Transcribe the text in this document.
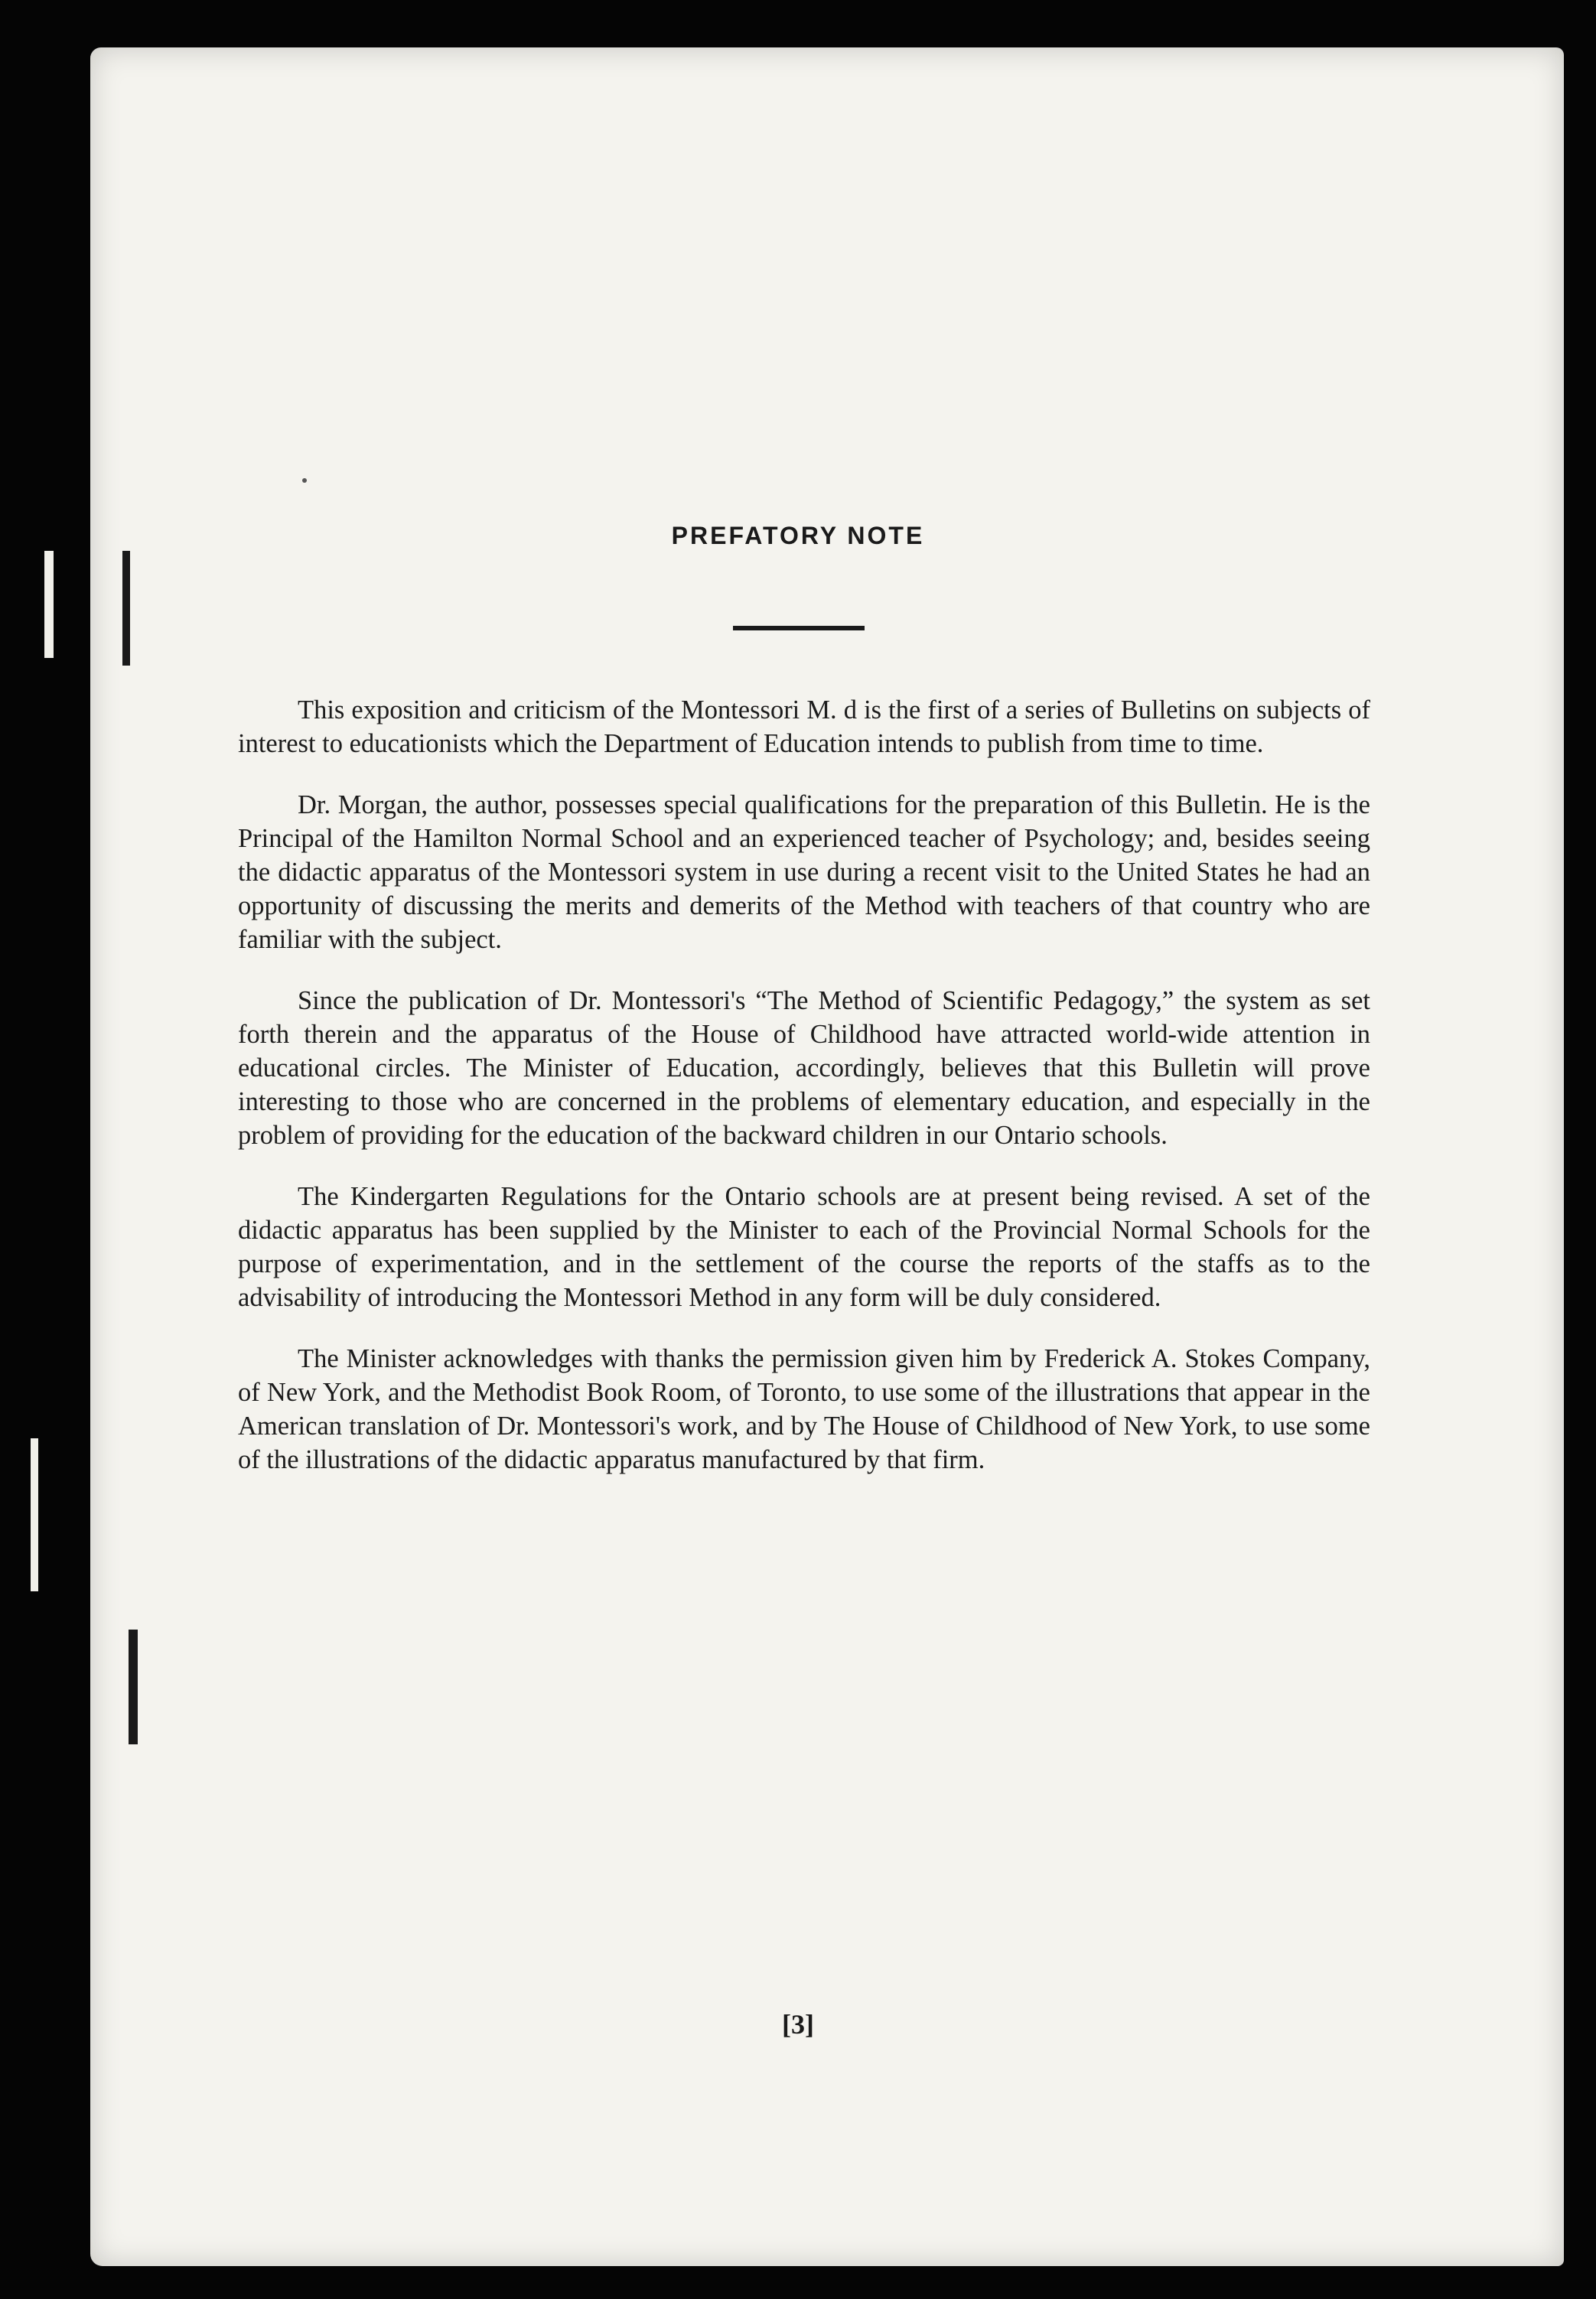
PREFATORY NOTE

This exposition and criticism of the Montessori M. d is the first of a series of Bulletins on subjects of interest to educationists which the Department of Education intends to publish from time to time.

Dr. Morgan, the author, possesses special qualifications for the preparation of this Bulletin. He is the Principal of the Hamilton Normal School and an experienced teacher of Psychology; and, besides seeing the didactic apparatus of the Montessori system in use during a recent visit to the United States he had an opportunity of discussing the merits and demerits of the Method with teachers of that country who are familiar with the subject.

Since the publication of Dr. Montessori's “The Method of Scientific Pedagogy,” the system as set forth therein and the apparatus of the House of Childhood have attracted world-wide attention in educational circles. The Minister of Education, accordingly, believes that this Bulletin will prove interesting to those who are concerned in the problems of elementary education, and especially in the problem of providing for the education of the backward children in our Ontario schools.

The Kindergarten Regulations for the Ontario schools are at present being revised. A set of the didactic apparatus has been supplied by the Minister to each of the Provincial Normal Schools for the purpose of experimentation, and in the settlement of the course the reports of the staffs as to the advisability of introducing the Montessori Method in any form will be duly considered.

The Minister acknowledges with thanks the permission given him by Frederick A. Stokes Company, of New York, and the Methodist Book Room, of Toronto, to use some of the illustrations that appear in the American translation of Dr. Montessori's work, and by The House of Childhood of New York, to use some of the illustrations of the didactic apparatus manufactured by that firm.

[3]
